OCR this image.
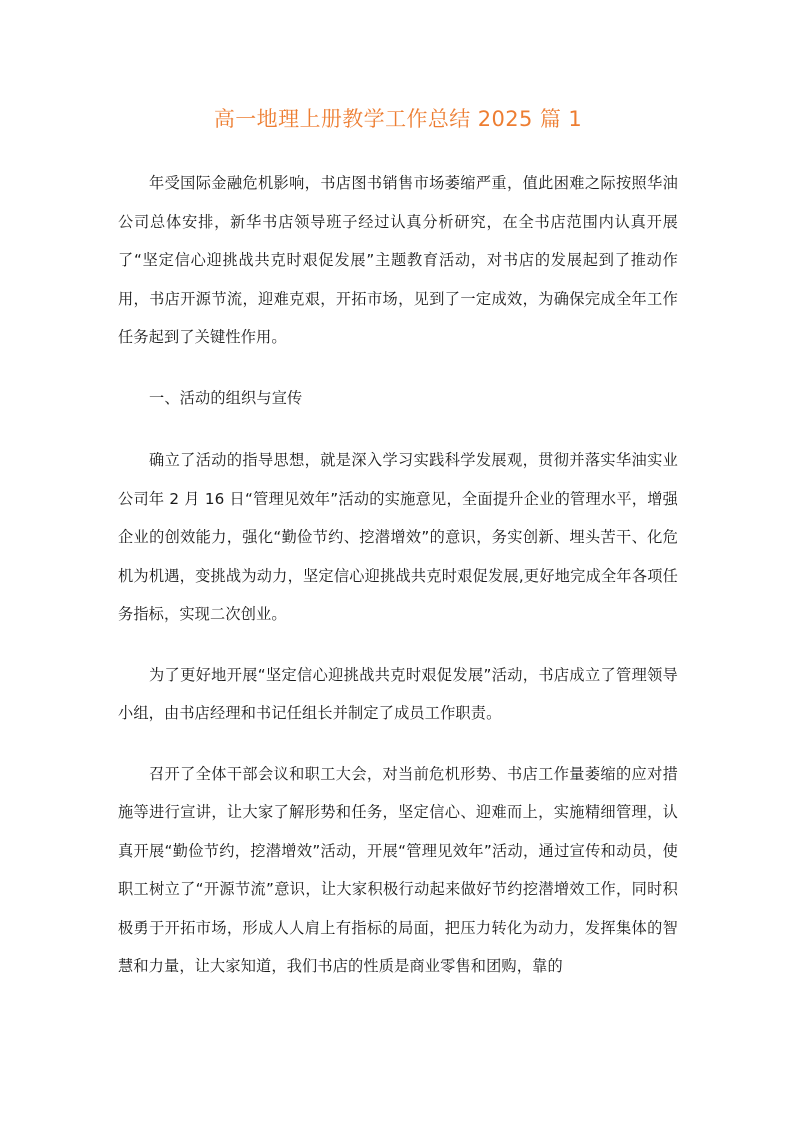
高一地理上册教学工作总结 2025 篇 1

年受国际金融危机影响，书店图书销售市场萎缩严重，值此困难之际按照华油公司总体安排，新华书店领导班子经过认真分析研究，在全书店范围内认真开展了“坚定信心迎挑战共克时艰促发展”主题教育活动，对书店的发展起到了推动作用，书店开源节流，迎难克艰，开拓市场，见到了一定成效，为确保完成全年工作任务起到了关键性作用。

一、活动的组织与宣传

确立了活动的指导思想，就是深入学习实践科学发展观，贯彻并落实华油实业公司年 2 月 16 日“管理见效年”活动的实施意见，全面提升企业的管理水平，增强企业的创效能力，强化“勤俭节约、挖潜增效”的意识，务实创新、埋头苦干、化危机为机遇，变挑战为动力，坚定信心迎挑战共克时艰促发展,更好地完成全年各项任务指标，实现二次创业。

为了更好地开展“坚定信心迎挑战共克时艰促发展”活动，书店成立了管理领导小组，由书店经理和书记任组长并制定了成员工作职责。

召开了全体干部会议和职工大会，对当前危机形势、书店工作量萎缩的应对措施等进行宣讲，让大家了解形势和任务，坚定信心、迎难而上，实施精细管理，认真开展“勤俭节约，挖潜增效”活动，开展“管理见效年”活动，通过宣传和动员，使职工树立了“开源节流”意识，让大家积极行动起来做好节约挖潜增效工作，同时积极勇于开拓市场，形成人人肩上有指标的局面，把压力转化为动力，发挥集体的智慧和力量，让大家知道，我们书店的性质是商业零售和团购，靠的
